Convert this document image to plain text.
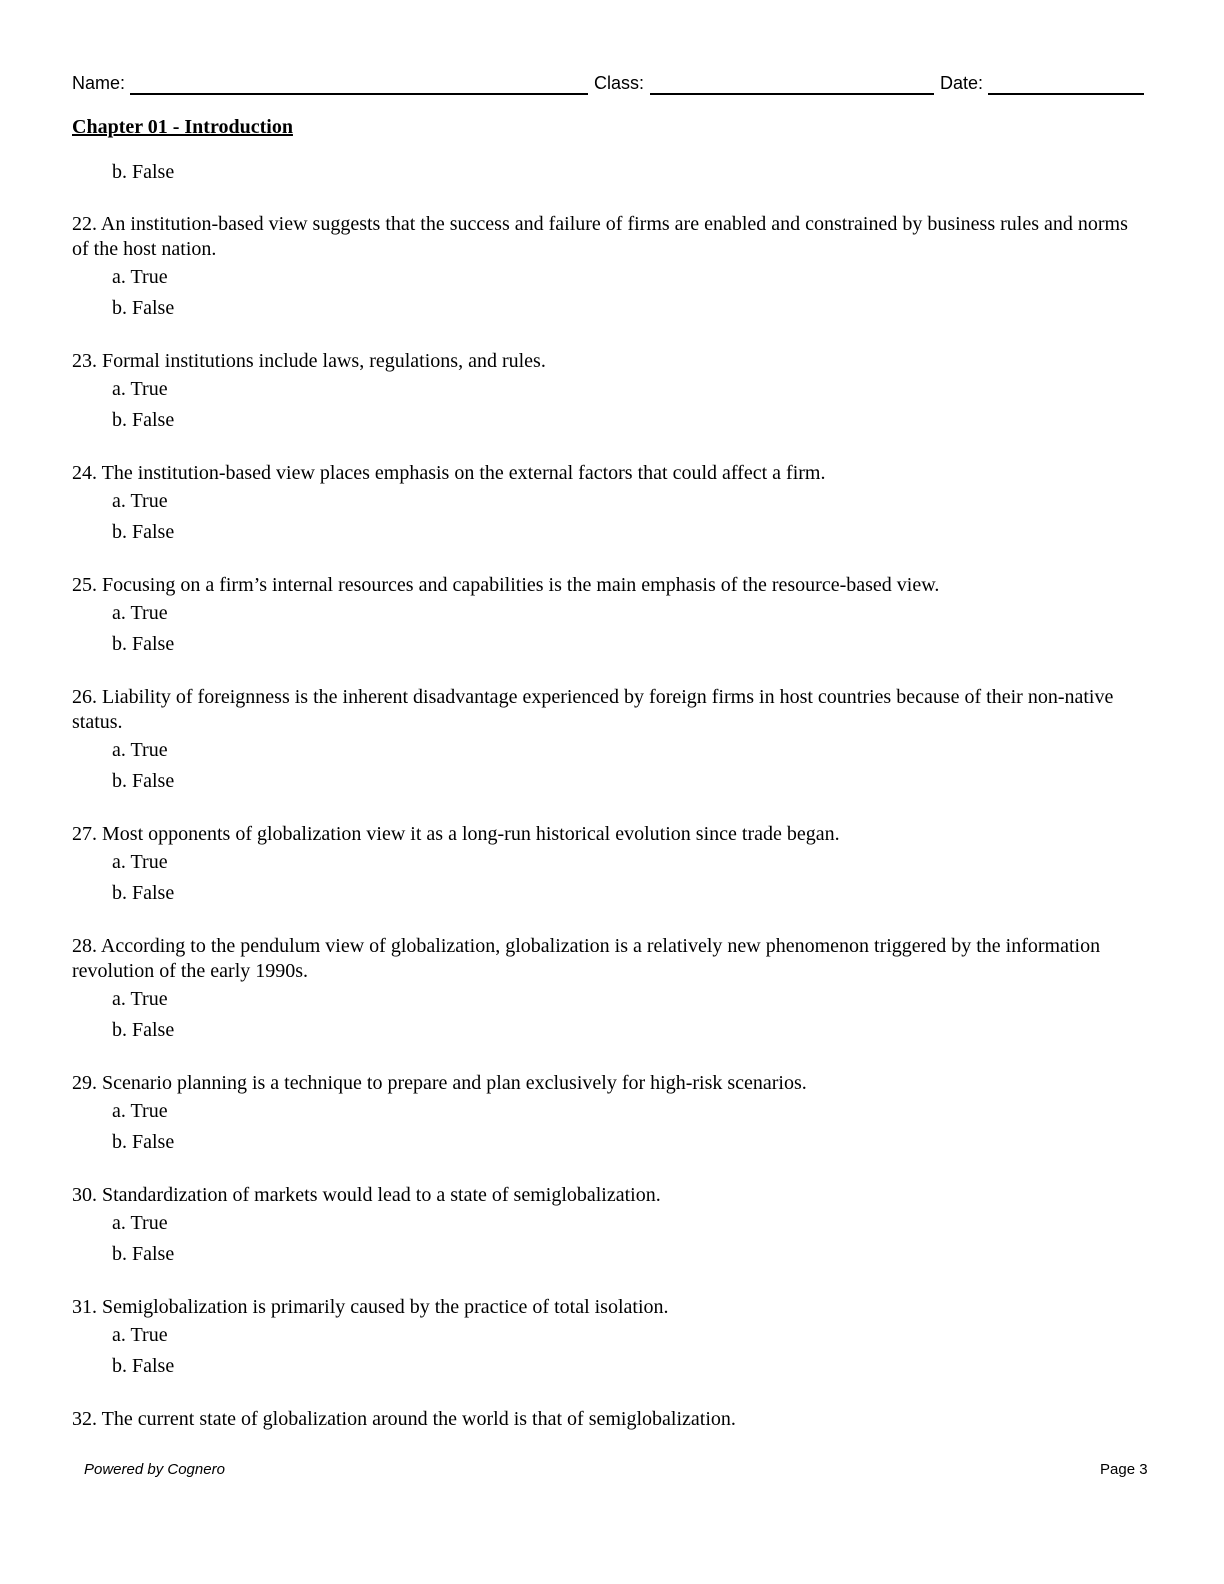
Name:	Class:	Date:
Chapter 01 - Introduction
b. False
22. An institution-based view suggests that the success and failure of firms are enabled and constrained by business rules and norms of the host nation.
a. True
b. False
23. Formal institutions include laws, regulations, and rules.
a. True
b. False
24. The institution-based view places emphasis on the external factors that could affect a firm.
a. True
b. False
25. Focusing on a firm’s internal resources and capabilities is the main emphasis of the resource-based view.
a. True
b. False
26. Liability of foreignness is the inherent disadvantage experienced by foreign firms in host countries because of their non-native status.
a. True
b. False
27. Most opponents of globalization view it as a long-run historical evolution since trade began.
a. True
b. False
28. According to the pendulum view of globalization, globalization is a relatively new phenomenon triggered by the information revolution of the early 1990s.
a. True
b. False
29. Scenario planning is a technique to prepare and plan exclusively for high-risk scenarios.
a. True
b. False
30. Standardization of markets would lead to a state of semiglobalization.
a. True
b. False
31. Semiglobalization is primarily caused by the practice of total isolation.
a. True
b. False
32. The current state of globalization around the world is that of semiglobalization.
Powered by Cognero	Page 3
